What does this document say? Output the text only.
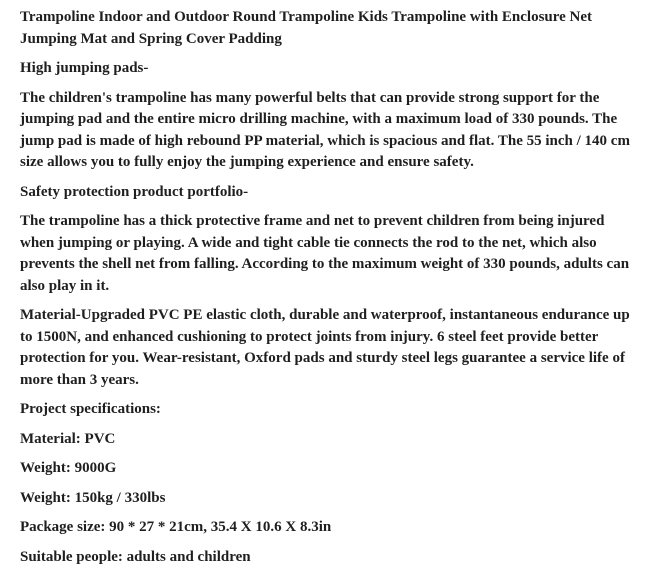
Trampoline Indoor and Outdoor Round Trampoline Kids Trampoline with Enclosure Net Jumping Mat and Spring Cover Padding

High jumping pads-

The children's trampoline has many powerful belts that can provide strong support for the jumping pad and the entire micro drilling machine, with a maximum load of 330 pounds. The jump pad is made of high rebound PP material, which is spacious and flat. The 55 inch / 140 cm size allows you to fully enjoy the jumping experience and ensure safety.

Safety protection product portfolio-

The trampoline has a thick protective frame and net to prevent children from being injured when jumping or playing. A wide and tight cable tie connects the rod to the net, which also prevents the shell net from falling. According to the maximum weight of 330 pounds, adults can also play in it.

Material-Upgraded PVC PE elastic cloth, durable and waterproof, instantaneous endurance up to 1500N, and enhanced cushioning to protect joints from injury. 6 steel feet provide better protection for you. Wear-resistant, Oxford pads and sturdy steel legs guarantee a service life of more than 3 years.

Project specifications:

Material: PVC

Weight: 9000G

Weight: 150kg / 330lbs

Package size: 90 * 27 * 21cm, 35.4 X 10.6 X 8.3in

Suitable people: adults and children
